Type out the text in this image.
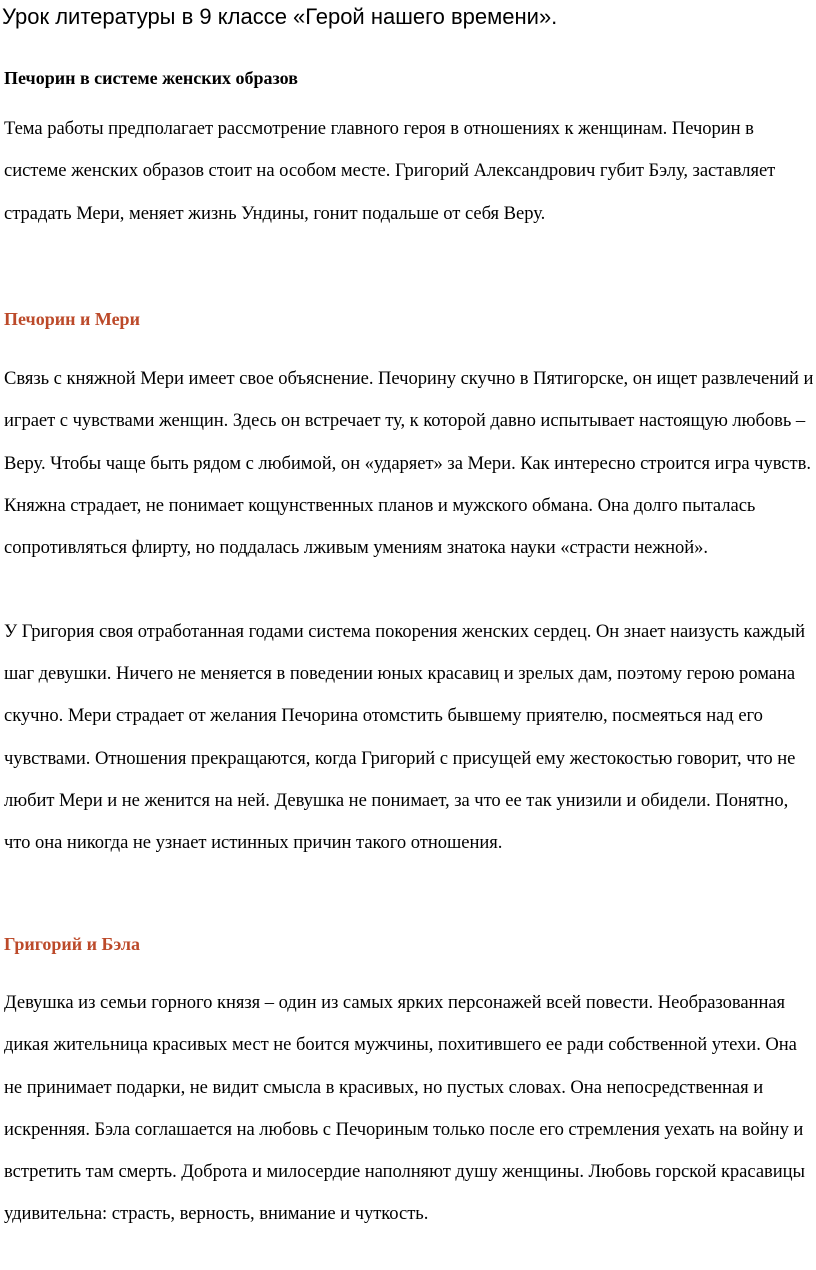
Урок литературы в 9 классе «Герой нашего времени».
Печорин в системе женских образов

Тема работы предполагает рассмотрение главного героя в отношениях к женщинам. Печорин в системе женских образов стоит на особом месте. Григорий Александрович губит Бэлу, заставляет страдать Мери, меняет жизнь Ундины, гонит подальше от себя Веру.

Печорин и Мери

Связь с княжной Мери имеет свое объяснение. Печорину скучно в Пятигорске, он ищет развлечений и играет с чувствами женщин. Здесь он встречает ту, к которой давно испытывает настоящую любовь – Веру. Чтобы чаще быть рядом с любимой, он «ударяет» за Мери. Как интересно строится игра чувств. Княжна страдает, не понимает кощунственных планов и мужского обмана. Она долго пыталась сопротивляться флирту, но поддалась лживым умениям знатока науки «страсти нежной».

У Григория своя отработанная годами система покорения женских сердец. Он знает наизусть каждый шаг девушки. Ничего не меняется в поведении юных красавиц и зрелых дам, поэтому герою романа скучно. Мери страдает от желания Печорина отомстить бывшему приятелю, посмеяться над его чувствами. Отношения прекращаются, когда Григорий с присущей ему жестокостью говорит, что не любит Мери и не женится на ней. Девушка не понимает, за что ее так унизили и обидели. Понятно, что она никогда не узнает истинных причин такого отношения.

Григорий и Бэла

Девушка из семьи горного князя – один из самых ярких персонажей всей повести. Необразованная дикая жительница красивых мест не боится мужчины, похитившего ее ради собственной утехи. Она не принимает подарки, не видит смысла в красивых, но пустых словах. Она непосредственная и искренняя. Бэла соглашается на любовь с Печориным только после его стремления уехать на войну и встретить там смерть. Доброта и милосердие наполняют душу женщины. Любовь горской красавицы удивительна: страсть, верность, внимание и чуткость.
